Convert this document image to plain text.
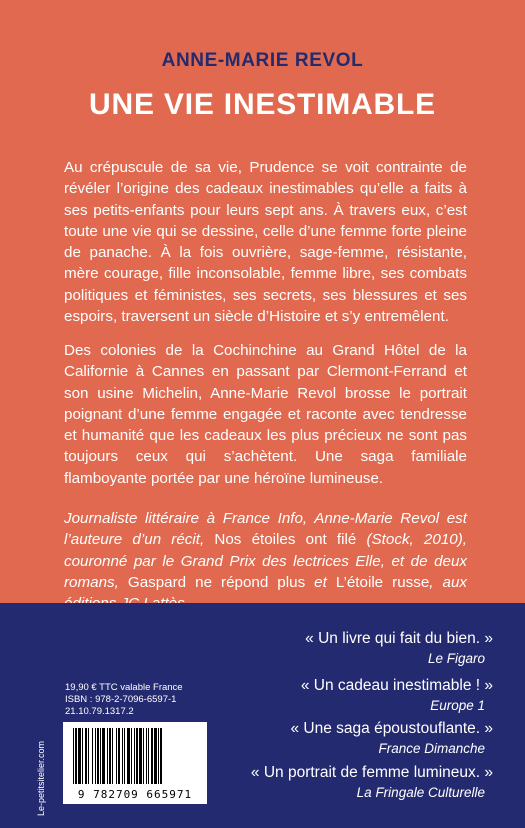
ANNE-MARIE REVOL
UNE VIE INESTIMABLE
Au crépuscule de sa vie, Prudence se voit contrainte de révéler l’origine des cadeaux inestimables qu’elle a faits à ses petits-enfants pour leurs sept ans. À travers eux, c’est toute une vie qui se dessine, celle d’une femme forte pleine de panache. À la fois ouvrière, sage-femme, résistante, mère courage, fille inconsolable, femme libre, ses combats politiques et féministes, ses secrets, ses blessures et ses espoirs, traversent un siècle d’Histoire et s’y entremêlent.
Des colonies de la Cochinchine au Grand Hôtel de la Californie à Cannes en passant par Clermont-Ferrand et son usine Michelin, Anne-Marie Revol brosse le portrait poignant d’une femme engagée et raconte avec tendresse et humanité que les cadeaux les plus précieux ne sont pas toujours ceux qui s’achètent. Une saga familiale flamboyante portée par une héroïne lumineuse.
Journaliste littéraire à France Info, Anne-Marie Revol est l’auteure d’un récit, Nos étoiles ont filé (Stock, 2010), couronné par le Grand Prix des lectrices Elle, et de deux romans, Gaspard ne répond plus et L’étoile russe, aux
Le-petitsitelier.com
19,90 € TTC valable France
ISBN : 978-2-7096-6597-1
21.10.79.1317.2
9 782709 665971
« Un livre qui fait du bien. »
Le Figaro
« Un cadeau inestimable ! »
Europe 1
« Une saga époustouflante. »
France Dimanche
« Un portrait de femme lumineux. »
La Fringale Culturelle
